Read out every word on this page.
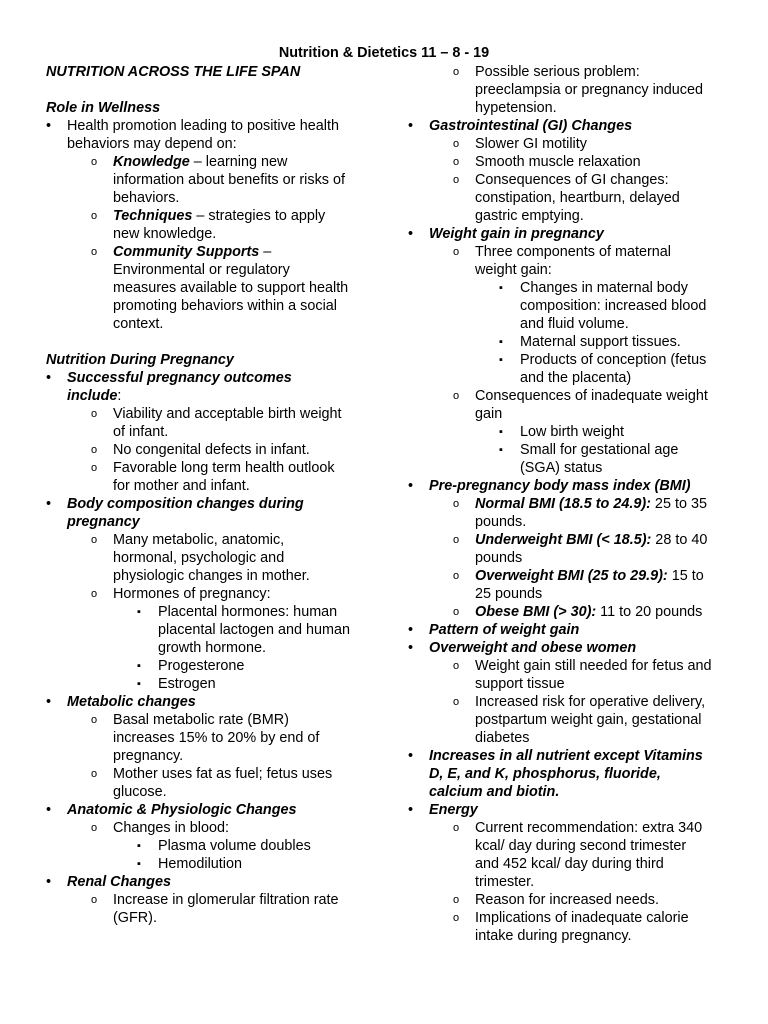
Nutrition & Dietetics 11 – 8 - 19
NUTRITION ACROSS THE LIFE SPAN
Role in Wellness
• Health promotion leading to positive health
behaviors may depend on:
o Knowledge – learning new
information about benefits or risks of
behaviors.
o Techniques – strategies to apply
new knowledge.
o Community Supports –
Environmental or regulatory
measures available to support health
promoting behaviors within a social
context.
Nutrition During Pregnancy
• Successful pregnancy outcomes
include:
o Viability and acceptable birth weight
of infant.
o No congenital defects in infant.
o Favorable long term health outlook
for mother and infant.
• Body composition changes during
pregnancy
o Many metabolic, anatomic,
hormonal, psychologic and
physiologic changes in mother.
o Hormones of pregnancy:
▪ Placental hormones: human
placental lactogen and human
growth hormone.
▪ Progesterone
▪ Estrogen
• Metabolic changes
o Basal metabolic rate (BMR)
increases 15% to 20% by end of
pregnancy.
o Mother uses fat as fuel; fetus uses
glucose.
• Anatomic & Physiologic Changes
o Changes in blood:
▪ Plasma volume doubles
▪ Hemodilution
• Renal Changes
o Increase in glomerular filtration rate
(GFR).
o Possible serious problem:
preeclampsia or pregnancy induced
hypetension.
• Gastrointestinal (GI) Changes
o Slower GI motility
o Smooth muscle relaxation
o Consequences of GI changes:
constipation, heartburn, delayed
gastric emptying.
• Weight gain in pregnancy
o Three components of maternal
weight gain:
▪ Changes in maternal body
composition: increased blood
and fluid volume.
▪ Maternal support tissues.
▪ Products of conception (fetus
and the placenta)
o Consequences of inadequate weight
gain
▪ Low birth weight
▪ Small for gestational age
(SGA) status
• Pre-pregnancy body mass index (BMI)
o Normal BMI (18.5 to 24.9): 25 to 35
pounds.
o Underweight BMI (< 18.5): 28 to 40
pounds
o Overweight BMI (25 to 29.9): 15 to
25 pounds
o Obese BMI (> 30): 11 to 20 pounds
• Pattern of weight gain
• Overweight and obese women
o Weight gain still needed for fetus and
support tissue
o Increased risk for operative delivery,
postpartum weight gain, gestational
diabetes
• Increases in all nutrient except Vitamins
D, E, and K, phosphorus, fluoride,
calcium and biotin.
• Energy
o Current recommendation: extra 340
kcal/ day during second trimester
and 452 kcal/ day during third
trimester.
o Reason for increased needs.
o Implications of inadequate calorie
intake during pregnancy.
